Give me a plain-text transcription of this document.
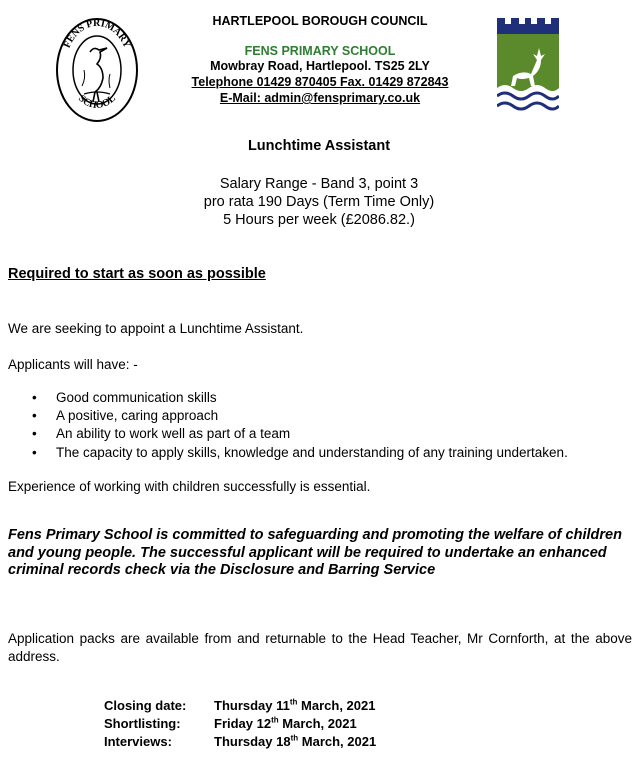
FENS PRIMARY
SCHOOL
HARTLEPOOL BOROUGH COUNCIL
FENS PRIMARY SCHOOL
Mowbray Road, Hartlepool. TS25 2LY
Telephone 01429 870405 Fax. 01429 872843
E-Mail: admin@fensprimary.co.uk
Lunchtime Assistant
Salary Range - Band 3, point 3
pro rata 190 Days (Term Time Only)
5 Hours per week (£2086.82.)
Required to start as soon as possible
We are seeking to appoint a Lunchtime Assistant.
Applicants will have: -
• Good communication skills
• A positive, caring approach
• An ability to work well as part of a team
• The capacity to apply skills, knowledge and understanding of any training undertaken.
Experience of working with children successfully is essential.
Fens Primary School is committed to safeguarding and promoting the welfare of children and young people. The successful applicant will be required to undertake an enhanced criminal records check via the Disclosure and Barring Service
Application packs are available from and returnable to the Head Teacher, Mr Cornforth, at the above address.
Closing date:	Thursday 11th March, 2021
Shortlisting:	Friday 12th March, 2021
Interviews:	Thursday 18th March, 2021
